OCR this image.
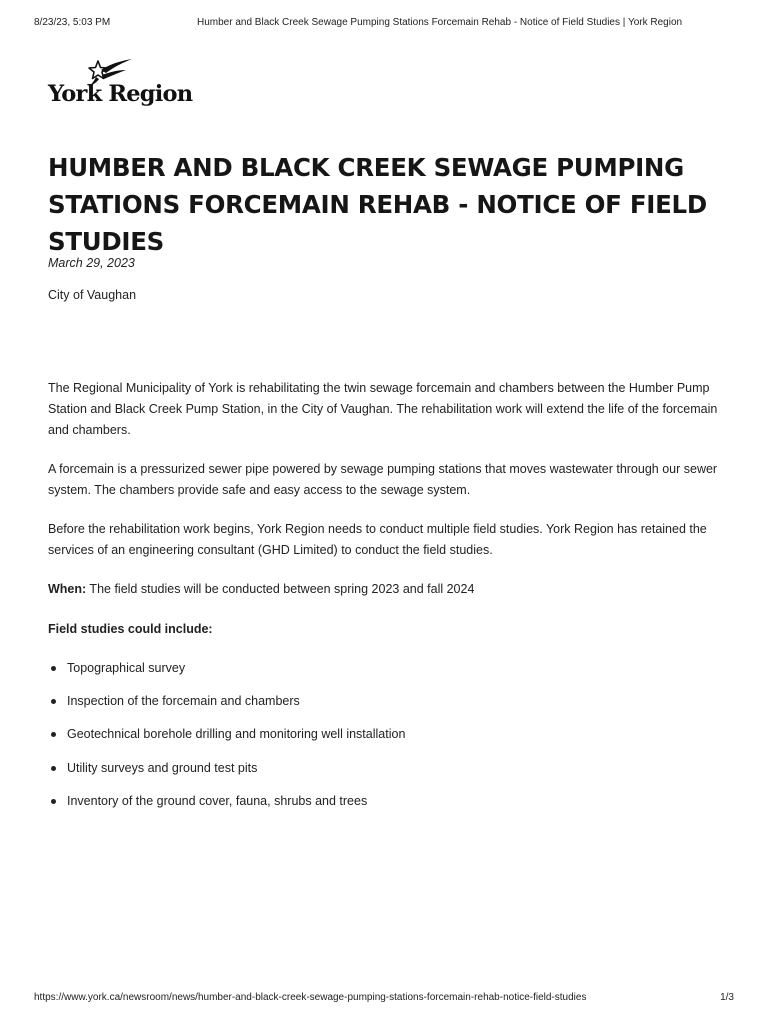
8/23/23, 5:03 PM	Humber and Black Creek Sewage Pumping Stations Forcemain Rehab - Notice of Field Studies | York Region
York Region
HUMBER AND BLACK CREEK SEWAGE PUMPING STATIONS FORCEMAIN REHAB - NOTICE OF FIELD STUDIES
March 29, 2023
City of Vaughan

The Regional Municipality of York is rehabilitating the twin sewage forcemain and chambers between the Humber Pump Station and Black Creek Pump Station, in the City of Vaughan. The rehabilitation work will extend the life of the forcemain and chambers.

A forcemain is a pressurized sewer pipe powered by sewage pumping stations that moves wastewater through our sewer system. The chambers provide safe and easy access to the sewage system.

Before the rehabilitation work begins, York Region needs to conduct multiple field studies. York Region has retained the services of an engineering consultant (GHD Limited) to conduct the field studies.

When: The field studies will be conducted between spring 2023 and fall 2024

Field studies could include:

Topographical survey
Inspection of the forcemain and chambers
Geotechnical borehole drilling and monitoring well installation
Utility surveys and ground test pits
Inventory of the ground cover, fauna, shrubs and trees
https://www.york.ca/newsroom/news/humber-and-black-creek-sewage-pumping-stations-forcemain-rehab-notice-field-studies	1/3
